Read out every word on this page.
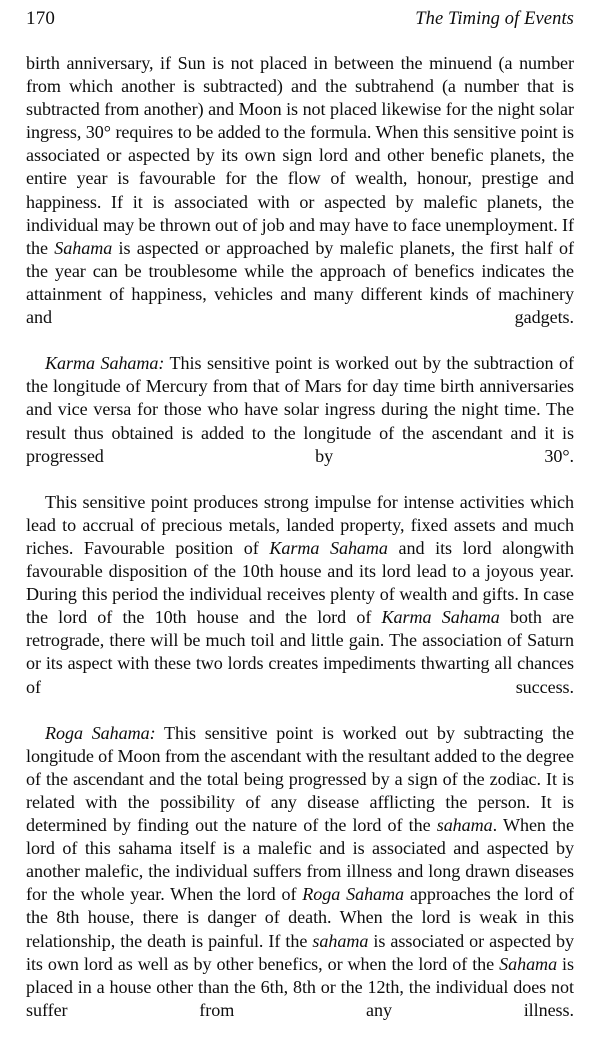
170	The Timing of Events

birth anniversary, if Sun is not placed in between the minuend (a number from which another is subtracted) and the subtrahend (a number that is subtracted from another) and Moon is not placed likewise for the night solar ingress, 30° requires to be added to the formula. When this sensitive point is associated or aspected by its own sign lord and other benefic planets, the entire year is favourable for the flow of wealth, honour, prestige and happiness. If it is associated with or aspected by malefic planets, the individual may be thrown out of job and may have to face unemployment. If the Sahama is aspected or approached by malefic planets, the first half of the year can be troublesome while the approach of benefics indicates the attainment of happiness, vehicles and many different kinds of machinery and gadgets.

Karma Sahama: This sensitive point is worked out by the subtraction of the longitude of Mercury from that of Mars for day time birth anniversaries and vice versa for those who have solar ingress during the night time. The result thus obtained is added to the longitude of the ascendant and it is progressed by 30°.

This sensitive point produces strong impulse for intense activities which lead to accrual of precious metals, landed property, fixed assets and much riches. Favourable position of Karma Sahama and its lord alongwith favourable disposition of the 10th house and its lord lead to a joyous year. During this period the individual receives plenty of wealth and gifts. In case the lord of the 10th house and the lord of Karma Sahama both are retrograde, there will be much toil and little gain. The association of Saturn or its aspect with these two lords creates impediments thwarting all chances of success.

Roga Sahama: This sensitive point is worked out by subtracting the longitude of Moon from the ascendant with the resultant added to the degree of the ascendant and the total being progressed by a sign of the zodiac. It is related with the possibility of any disease afflicting the person. It is determined by finding out the nature of the lord of the sahama. When the lord of this sahama itself is a malefic and is associated and aspected by another malefic, the individual suffers from illness and long drawn diseases for the whole year. When the lord of Roga Sahama approaches the lord of the 8th house, there is danger of death. When the lord is weak in this relationship, the death is painful. If the sahama is associated or aspected by its own lord as well as by other benefics, or when the lord of the Sahama is placed in a house other than the 6th, 8th or the 12th, the individual does not suffer from any illness.
